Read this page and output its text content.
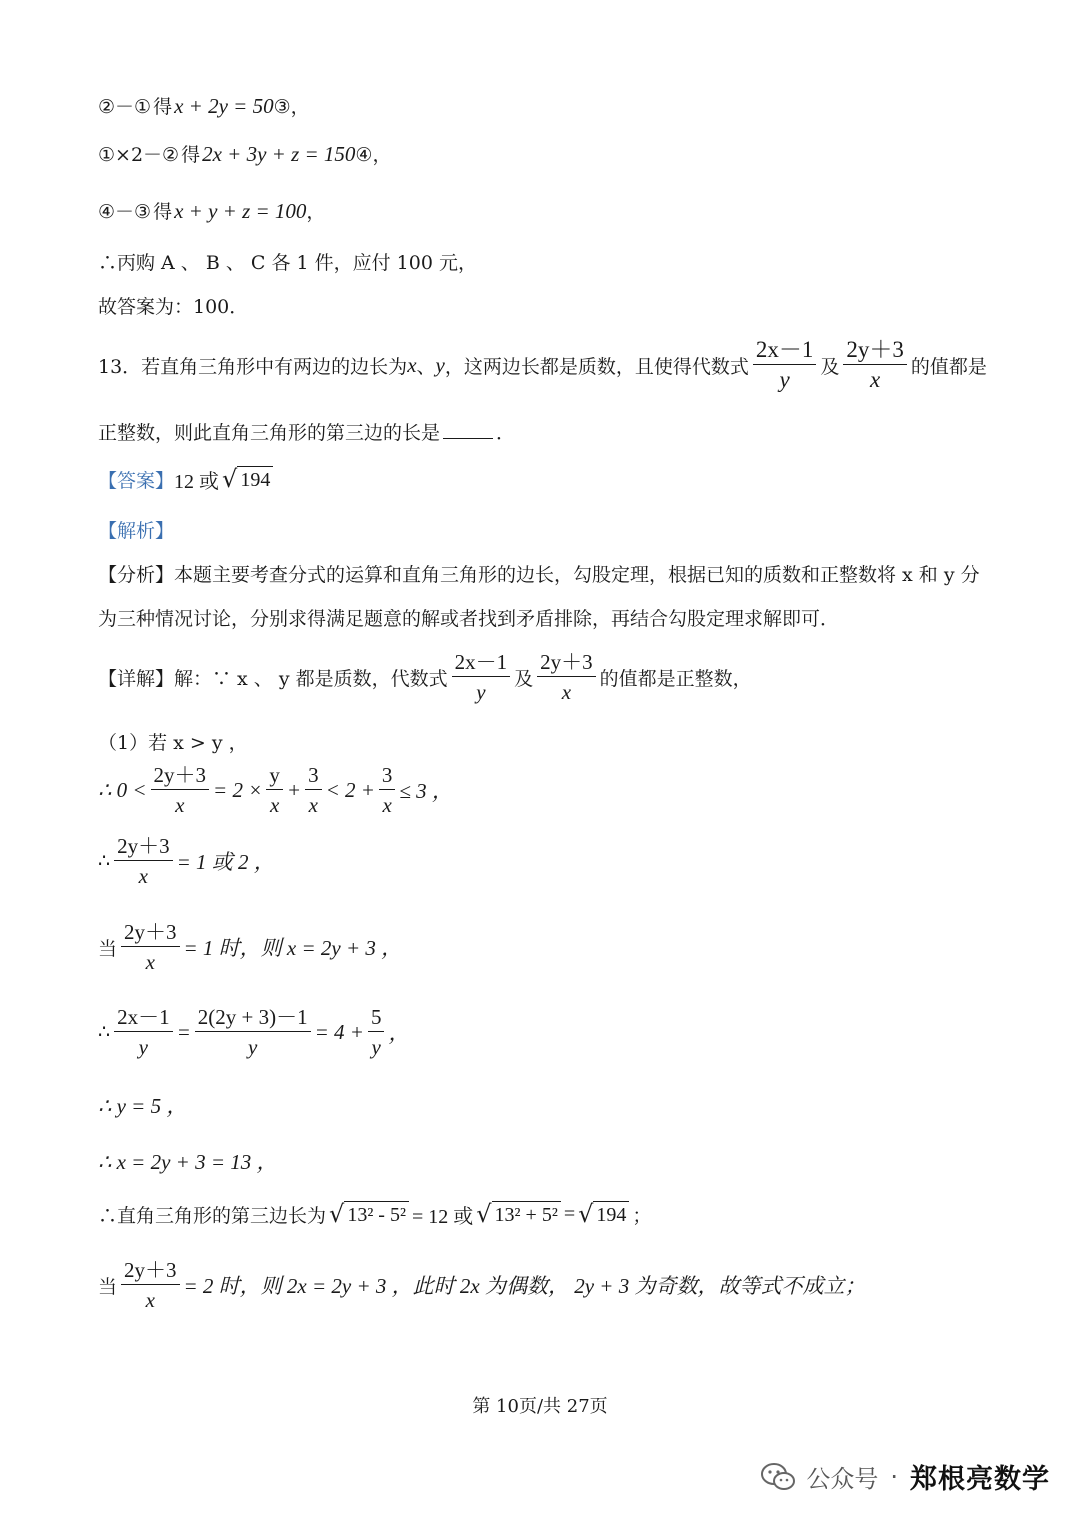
②－① 得x + 2y = 50③，
①×2－② 得2x + 3y + z = 150④，
④－③ 得x + y + z = 100，
∴丙购 A 、 B 、 C 各 1 件，应付 100 元，
故答案为：100．
13．若直角三角形中有两边的边长为 x 、 y ，这两边长都是质数，且使得代数式 $\frac{2x-1}{y}$ 及 $\frac{2y+3}{x}$ 的值都是
正整数，则此直角三角形的第三边的长是	．
【答案】 12 或 √ 194
【解析】
【分析】本题主要考查分式的运算和直角三角形的边长，勾股定理，根据已知的质数和正整数将 x 和 y 分
为三种情况讨论，分别求得满足题意的解或者找到矛盾排除，再结合勾股定理求解即可．
【详解】解：∵ x 、 y 都是质数，代数式 $\frac{2x-1}{y}$ 及 $\frac{2y+3}{x}$ 的值都是正整数，
（1）若 x > y ，
∴ $0 < \frac{2y+3}{x} = 2 \times \frac{y}{x} + \frac{3}{x} < 2 + \frac{3}{x} \le 3$ ，
∴ $\frac{2y+3}{x} = 1$ 或 2 ，
当 $\frac{2y+3}{x} = 1$ 时，则 x = 2y + 3 ，
∴ $\frac{2x-1}{y} = \frac{2(2y + 3)-1}{y} = 4 + \frac{5}{y}$ ，
∴ y = 5 ，
∴ x = 2y + 3 = 13 ，
∴直角三角形的第三边长为 √ 13² - 5² = 12 或 √ 13² + 5² = √ 194 ；
当 $\frac{2y+3}{x} = 2$ 时，则 2x = 2y + 3 ，此时 2x 为偶数， 2y + 3 为奇数，故等式不成立；
第 10页/共 27页
公众号 · 郑根亮数学
